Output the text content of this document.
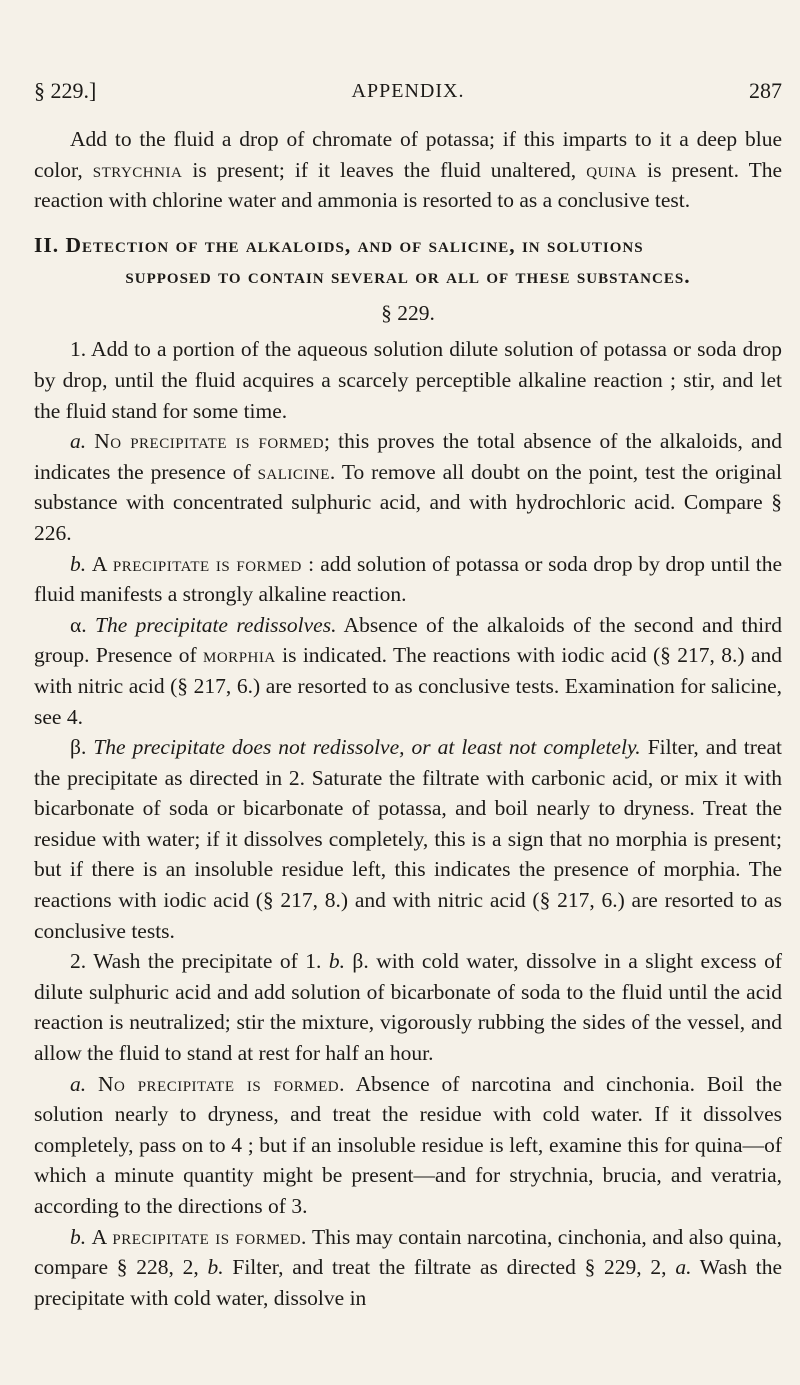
§ 229.]	APPENDIX.	287

Add to the fluid a drop of chromate of potassa; if this imparts to it a deep blue color, strychnia is present; if it leaves the fluid unaltered, quina is present. The reaction with chlorine water and ammonia is resorted to as a conclusive test.

II. Detection of the alkaloids, and of salicine, in solutions
supposed to contain several or all of these substances.

§ 229.

1. Add to a portion of the aqueous solution dilute solution of potassa or soda drop by drop, until the fluid acquires a scarcely perceptible alkaline reaction ; stir, and let the fluid stand for some time.

a. No precipitate is formed; this proves the total absence of the alkaloids, and indicates the presence of salicine. To remove all doubt on the point, test the original substance with concentrated sulphuric acid, and with hydrochloric acid. Compare § 226.

b. A precipitate is formed : add solution of potassa or soda drop by drop until the fluid manifests a strongly alkaline reaction.

α. The precipitate redissolves. Absence of the alkaloids of the second and third group. Presence of morphia is indicated. The reactions with iodic acid (§ 217, 8.) and with nitric acid (§ 217, 6.) are resorted to as conclusive tests. Examination for salicine, see 4.

β. The precipitate does not redissolve, or at least not completely. Filter, and treat the precipitate as directed in 2. Saturate the filtrate with carbonic acid, or mix it with bicarbonate of soda or bicarbonate of potassa, and boil nearly to dryness. Treat the residue with water; if it dissolves completely, this is a sign that no morphia is present; but if there is an insoluble residue left, this indicates the presence of morphia. The reactions with iodic acid (§ 217, 8.) and with nitric acid (§ 217, 6.) are resorted to as conclusive tests.

2. Wash the precipitate of 1. b. β. with cold water, dissolve in a slight excess of dilute sulphuric acid and add solution of bicarbonate of soda to the fluid until the acid reaction is neutralized; stir the mixture, vigorously rubbing the sides of the vessel, and allow the fluid to stand at rest for half an hour.

a. No precipitate is formed. Absence of narcotina and cinchonia. Boil the solution nearly to dryness, and treat the residue with cold water. If it dissolves completely, pass on to 4 ; but if an insoluble residue is left, examine this for quina—of which a minute quantity might be present—and for strychnia, brucia, and veratria, according to the directions of 3.

b. A precipitate is formed. This may contain narcotina, cinchonia, and also quina, compare § 228, 2, b. Filter, and treat the filtrate as directed § 229, 2, a. Wash the precipitate with cold water, dissolve in
